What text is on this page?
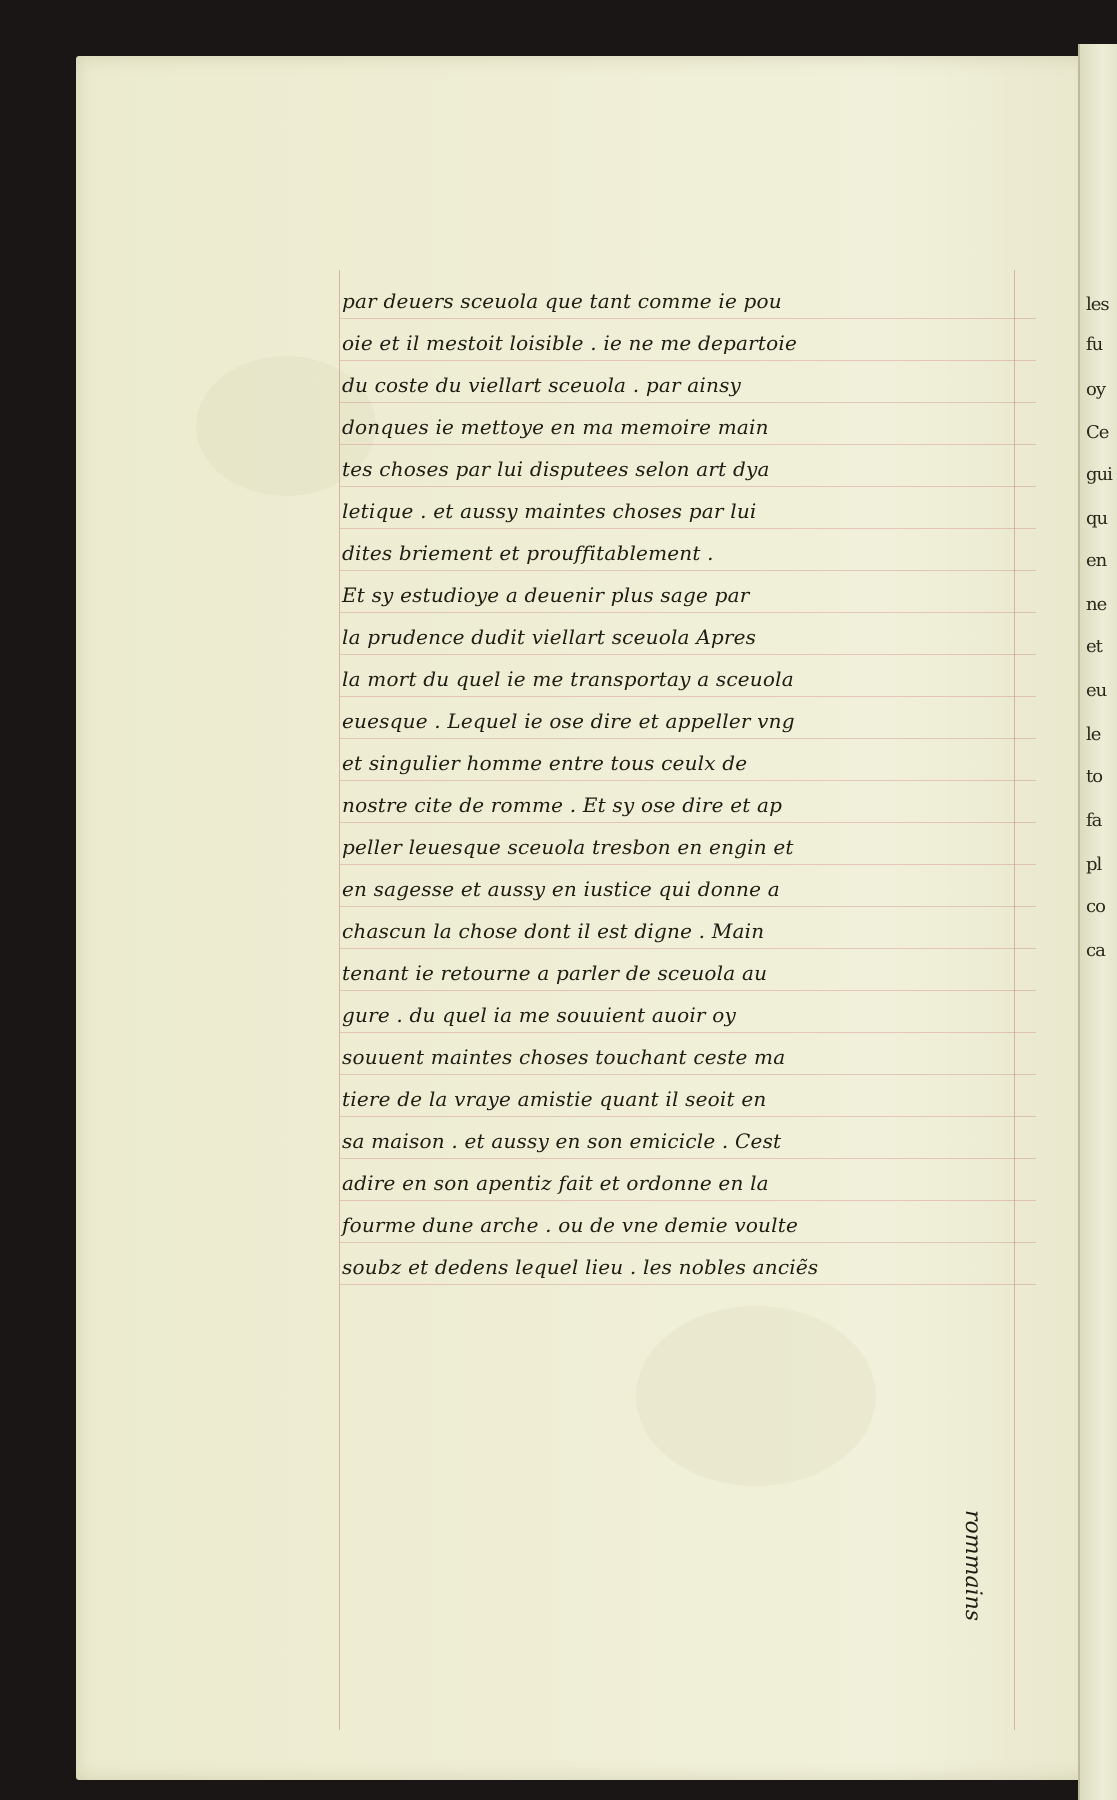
les
fu
oy
Ce
gui
qu
en
ne
et
eu
le
to
fa
pl
co
ca
par deuers sceuola que tant comme ie pou
oie et il mestoit loisible . ie ne me departoie
du coste du viellart sceuola . par ainsy
donques ie mettoye en ma memoire main
tes choses par lui disputees selon art dya
letique . et aussy maintes choses par lui
dites briement et prouffitablement .
Et sy estudioye a deuenir plus sage par
la prudence dudit viellart sceuola Apres
la mort du quel ie me transportay a sceuola
euesque . Lequel ie ose dire et appeller vng
et singulier homme entre tous ceulx de
nostre cite de romme . Et sy ose dire et ap
peller leuesque sceuola tresbon en engin et
en sagesse et aussy en iustice qui donne a
chascun la chose dont il est digne . Main
tenant ie retourne a parler de sceuola au
gure . du quel ia me souuient auoir oy
souuent maintes choses touchant ceste ma
tiere de la vraye amistie quant il seoit en
sa maison . et aussy en son emicicle . Cest
adire en son apentiz fait et ordonne en la
fourme dune arche . ou de vne demie voulte
soubz et dedens lequel lieu . les nobles anciẽs
rommains
